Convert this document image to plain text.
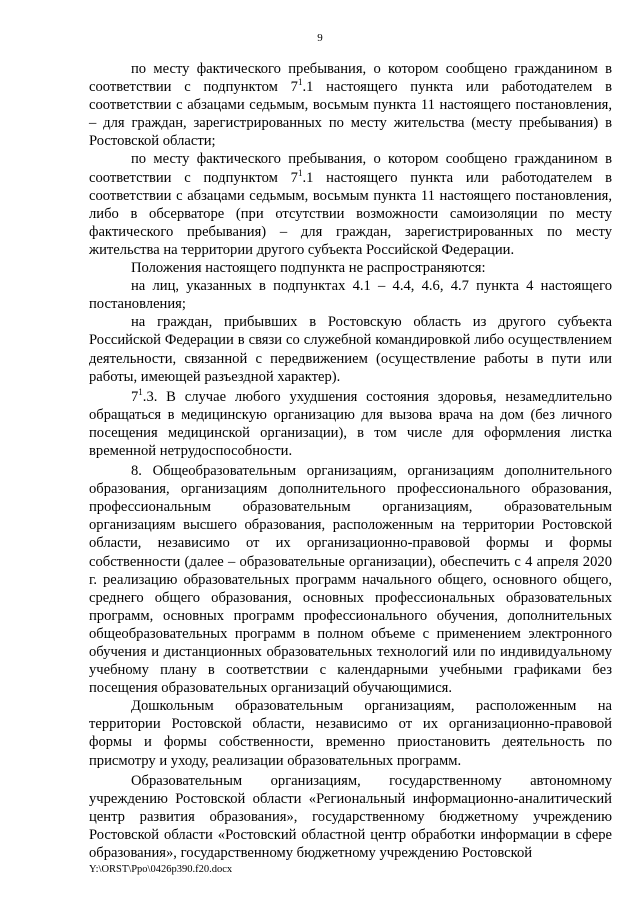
9

по месту фактического пребывания, о котором сообщено гражданином в соответствии с подпунктом $7^1.1$ настоящего пункта или работодателем в соответствии с абзацами седьмым, восьмым пункта 11 настоящего постановления, – для граждан, зарегистрированных по месту жительства (месту пребывания) в Ростовской области;

по месту фактического пребывания, о котором сообщено гражданином в соответствии с подпунктом $7^1.1$ настоящего пункта или работодателем в соответствии с абзацами седьмым, восьмым пункта 11 настоящего постановления, либо в обсерваторе (при отсутствии возможности самоизоляции по месту фактического пребывания) – для граждан, зарегистрированных по месту жительства на территории другого субъекта Российской Федерации.

Положения настоящего подпункта не распространяются:

на лиц, указанных в подпунктах 4.1 – 4.4, 4.6, 4.7 пункта 4 настоящего постановления;

на граждан, прибывших в Ростовскую область из другого субъекта Российской Федерации в связи со служебной командировкой либо осуществлением деятельности, связанной с передвижением (осуществление работы в пути или работы, имеющей разъездной характер).

$7^1.3$. В случае любого ухудшения состояния здоровья, незамедлительно обращаться в медицинскую организацию для вызова врача на дом (без личного посещения медицинской организации), в том числе для оформления листка временной нетрудоспособности.

8. Общеобразовательным организациям, организациям дополнительного образования, организациям дополнительного профессионального образования, профессиональным образовательным организациям, образовательным организациям высшего образования, расположенным на территории Ростовской области, независимо от их организационно-правовой формы и формы собственности (далее – образовательные организации), обеспечить с 4 апреля 2020 г. реализацию образовательных программ начального общего, основного общего, среднего общего образования, основных профессиональных образовательных программ, основных программ профессионального обучения, дополнительных общеобразовательных программ в полном объеме с применением электронного обучения и дистанционных образовательных технологий или по индивидуальному учебному плану в соответствии с календарными учебными графиками без посещения образовательных организаций обучающимися.

Дошкольным образовательным организациям, расположенным на территории Ростовской области, независимо от их организационно-правовой формы и формы собственности, временно приостановить деятельность по присмотру и уходу, реализации образовательных программ.

Образовательным организациям, государственному автономному учреждению Ростовской области «Региональный информационно-аналитический центр развития образования», государственному бюджетному учреждению Ростовской области «Ростовский областной центр обработки информации в сфере образования», государственному бюджетному учреждению Ростовской

Y:\ORST\Ppo\0426p390.f20.docx
